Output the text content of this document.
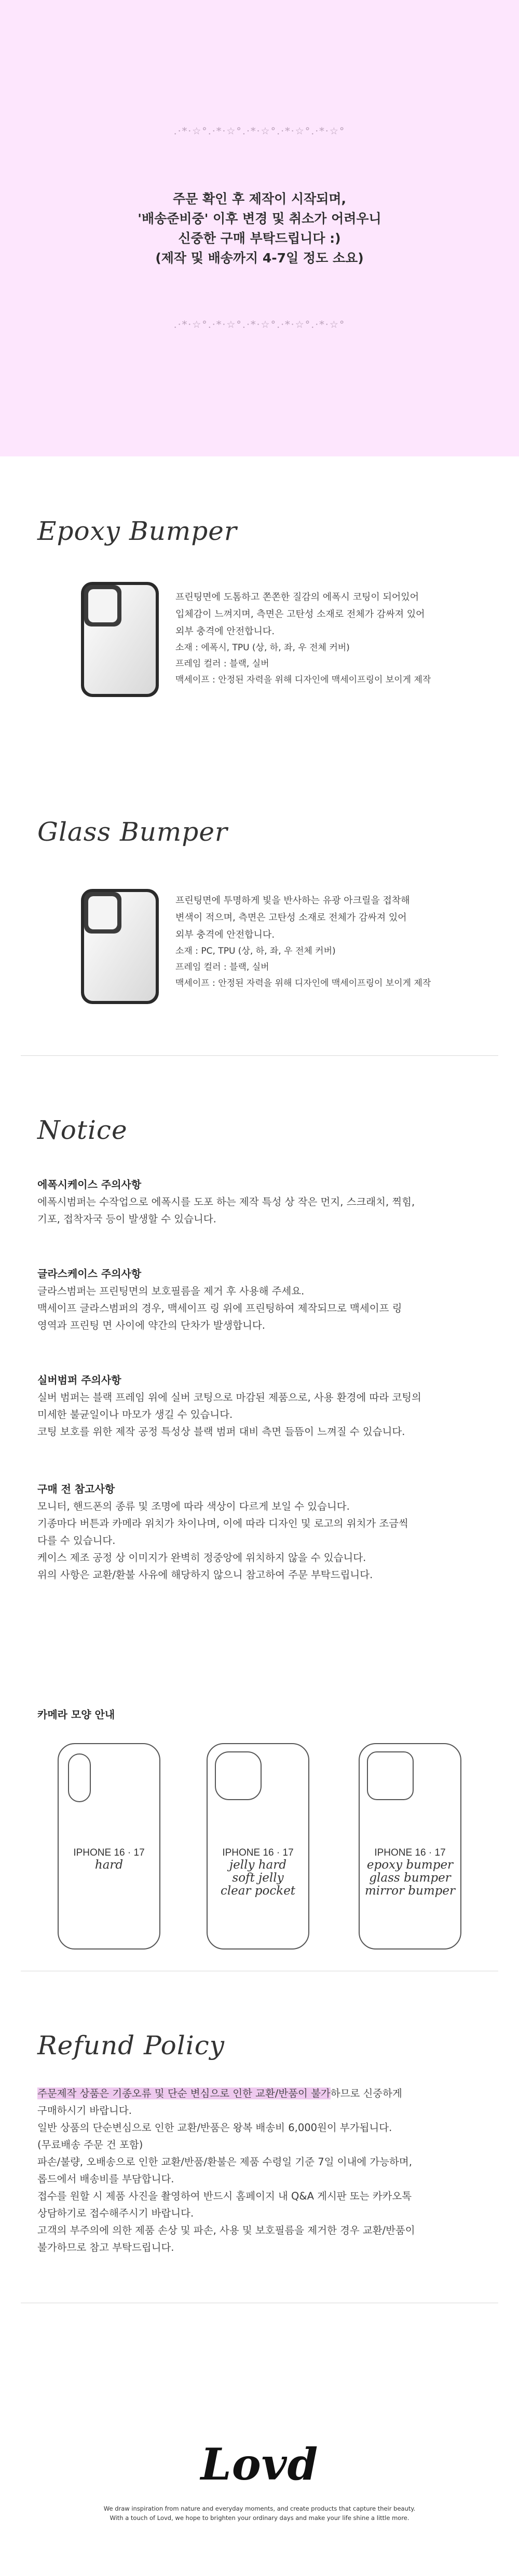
.·*·☆°.·*·☆°.·*·☆°.·*·☆°.·*·☆°
주문 확인 후 제작이 시작되며,
'배송준비중' 이후 변경 및 취소가 어려우니
신중한 구매 부탁드립니다 :)
(제작 및 배송까지 4-7일 정도 소요)
.·*·☆°.·*·☆°.·*·☆°.·*·☆°.·*·☆°
Epoxy Bumper
프린팅면에 도톰하고 쫀쫀한 질감의 에폭시 코팅이 되어있어
입체감이 느껴지며, 측면은 고탄성 소재로 전체가 감싸져 있어
외부 충격에 안전합니다.
소재 : 에폭시, TPU (상, 하, 좌, 우 전체 커버)
프레임 컬러 : 블랙, 실버
맥세이프 : 안정된 자력을 위해 디자인에 맥세이프링이 보이게 제작
Glass Bumper
프린팅면에 투명하게 빛을 반사하는 유광 아크릴을 접착해
변색이 적으며, 측면은 고탄성 소재로 전체가 감싸져 있어
외부 충격에 안전합니다.
소재 : PC, TPU (상, 하, 좌, 우 전체 커버)
프레임 컬러 : 블랙, 실버
맥세이프 : 안정된 자력을 위해 디자인에 맥세이프링이 보이게 제작
Notice
에폭시케이스 주의사항
에폭시범퍼는 수작업으로 에폭시를 도포 하는 제작 특성 상 작은 먼지, 스크래치, 찍힘,
기포, 접착자국 등이 발생할 수 있습니다.
글라스케이스 주의사항
글라스범퍼는 프린팅면의 보호필름을 제거 후 사용해 주세요.
맥세이프 글라스범퍼의 경우, 맥세이프 링 위에 프린팅하여 제작되므로 맥세이프 링
영역과 프린팅 면 사이에 약간의 단차가 발생합니다.
실버범퍼 주의사항
실버 범퍼는 블랙 프레임 위에 실버 코팅으로 마감된 제품으로, 사용 환경에 따라 코팅의
미세한 불균일이나 마모가 생길 수 있습니다.
코팅 보호를 위한 제작 공정 특성상 블랙 범퍼 대비 측면 들뜸이 느껴질 수 있습니다.
구매 전 참고사항
모니터, 핸드폰의 종류 및 조명에 따라 색상이 다르게 보일 수 있습니다.
기종마다 버튼과 카메라 위치가 차이나며, 이에 따라 디자인 및 로고의 위치가 조금씩
다를 수 있습니다.
케이스 제조 공정 상 이미지가 완벽히 정중앙에 위치하지 않을 수 있습니다.
위의 사항은 교환/환불 사유에 해당하지 않으니 참고하여 주문 부탁드립니다.
카메라 모양 안내
IPHONE 16 · 17
hard
IPHONE 16 · 17
jelly hard
soft jelly
clear pocket
IPHONE 16 · 17
epoxy bumper
glass bumper
mirror bumper
Refund Policy
주문제작 상품은 기종오류 및 단순 변심으로 인한 교환/반품이 불가하므로 신중하게
구매하시기 바랍니다.
일반 상품의 단순변심으로 인한 교환/반품은 왕복 배송비 6,000원이 부가됩니다.
(무료배송 주문 건 포함)
파손/불량, 오배송으로 인한 교환/반품/환불은 제품 수령일 기준 7일 이내에 가능하며,
롭드에서 배송비를 부담합니다.
접수를 원할 시 제품 사진을 촬영하여 반드시 홈페이지 내 Q&A 게시판 또는 카카오톡
상담하기로 접수해주시기 바랍니다.
고객의 부주의에 의한 제품 손상 및 파손, 사용 및 보호필름을 제거한 경우 교환/반품이
불가하므로 참고 부탁드립니다.
Lovd
We draw inspiration from nature and everyday moments, and create products that capture their beauty.
With a touch of Lovd, we hope to brighten your ordinary days and make your life shine a little more.
